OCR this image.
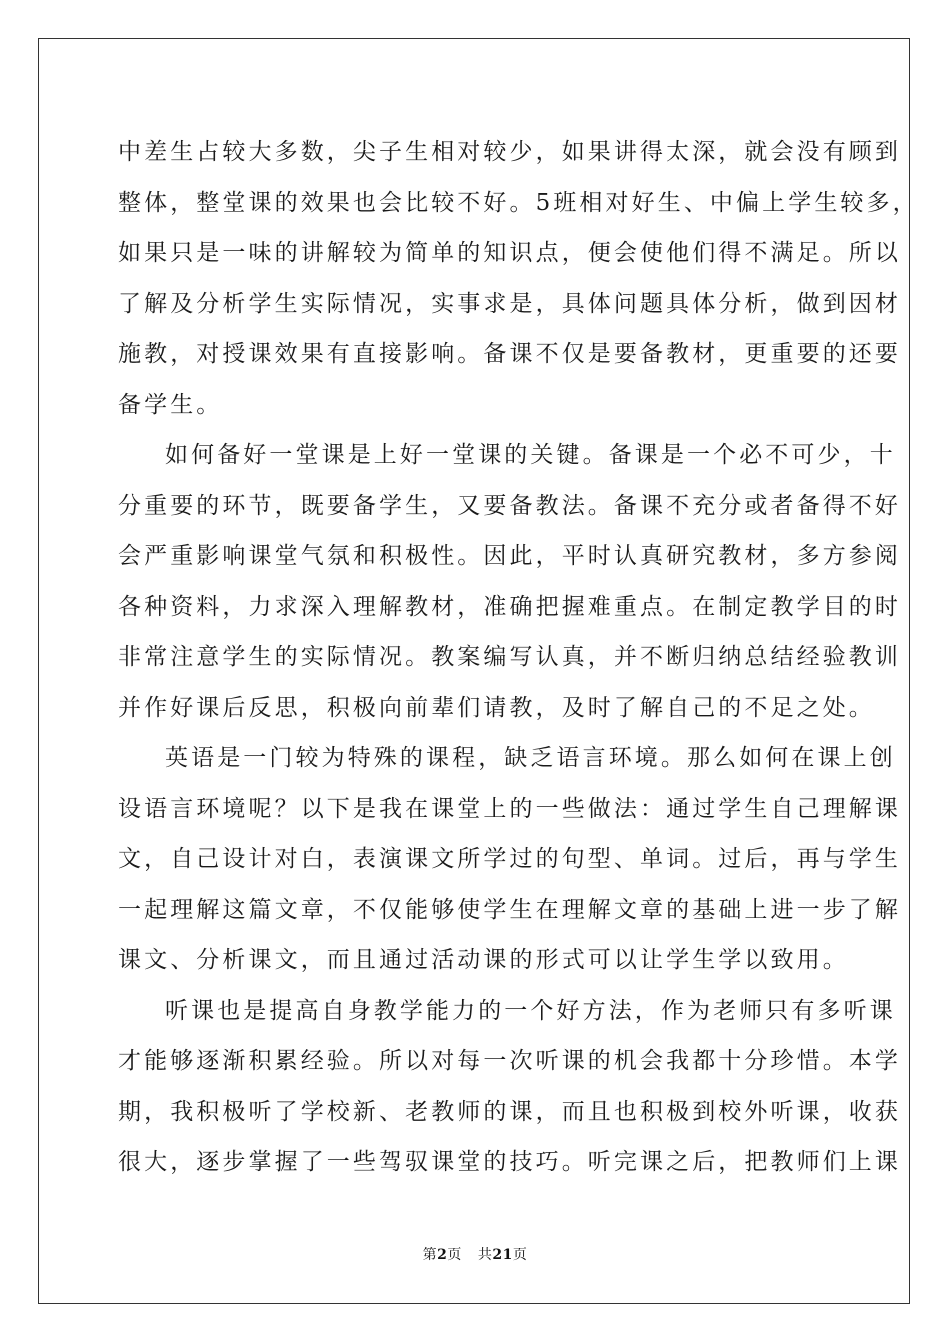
中差生占较大多数，尖子生相对较少，如果讲得太深，就会没有顾到
整体，整堂课的效果也会比较不好。5班相对好生、中偏上学生较多，
如果只是一味的讲解较为简单的知识点，便会使他们得不满足。所以
了解及分析学生实际情况，实事求是，具体问题具体分析，做到因材
施教，对授课效果有直接影响。备课不仅是要备教材，更重要的还要
备学生。
如何备好一堂课是上好一堂课的关键。备课是一个必不可少，十
分重要的环节，既要备学生，又要备教法。备课不充分或者备得不好
会严重影响课堂气氛和积极性。因此，平时认真研究教材，多方参阅
各种资料，力求深入理解教材，准确把握难重点。在制定教学目的时
非常注意学生的实际情况。教案编写认真，并不断归纳总结经验教训
并作好课后反思，积极向前辈们请教，及时了解自己的不足之处。
英语是一门较为特殊的课程，缺乏语言环境。那么如何在课上创
设语言环境呢？以下是我在课堂上的一些做法：通过学生自己理解课
文，自己设计对白，表演课文所学过的句型、单词。过后，再与学生
一起理解这篇文章，不仅能够使学生在理解文章的基础上进一步了解
课文、分析课文，而且通过活动课的形式可以让学生学以致用。
听课也是提高自身教学能力的一个好方法，作为老师只有多听课
才能够逐渐积累经验。所以对每一次听课的机会我都十分珍惜。本学
期，我积极听了学校新、老教师的课，而且也积极到校外听课，收获
很大，逐步掌握了一些驾驭课堂的技巧。听完课之后，把教师们上课
第2页 共21页
